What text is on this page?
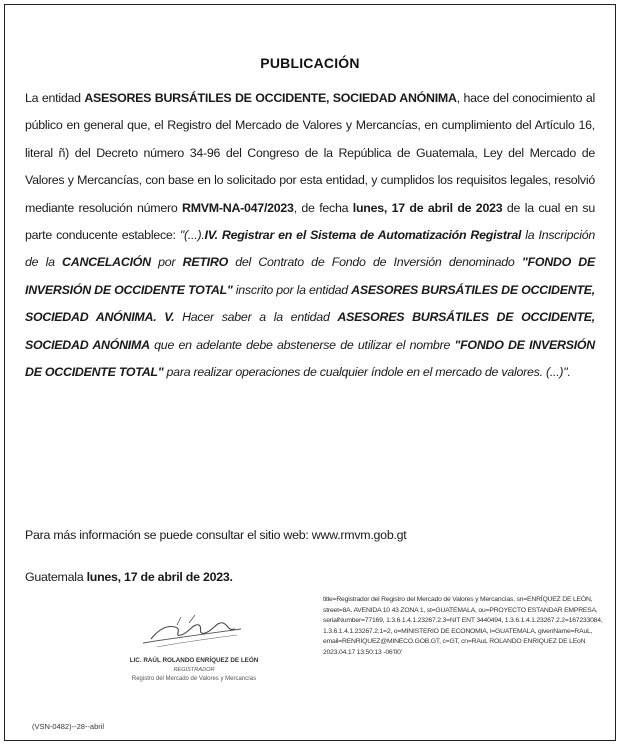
PUBLICACIÓN
La entidad ASESORES BURSÁTILES DE OCCIDENTE, SOCIEDAD ANÓNIMA, hace del conocimiento al público en general que, el Registro del Mercado de Valores y Mercancías, en cumplimiento del Artículo 16, literal ñ) del Decreto número 34-96 del Congreso de la República de Guatemala, Ley del Mercado de Valores y Mercancías, con base en lo solicitado por esta entidad, y cumplidos los requisitos legales, resolvió mediante resolución número RMVM-NA-047/2023, de fecha lunes, 17 de abril de 2023 de la cual en su parte conducente establece: "(...).IV. Registrar en el Sistema de Automatización Registral la Inscripción de la CANCELACIÓN por RETIRO del Contrato de Fondo de Inversión denominado "FONDO DE INVERSIÓN DE OCCIDENTE TOTAL" inscrito por la entidad ASESORES BURSÁTILES DE OCCIDENTE, SOCIEDAD ANÓNIMA. V. Hacer saber a la entidad ASESORES BURSÁTILES DE OCCIDENTE, SOCIEDAD ANÓNIMA que en adelante debe abstenerse de utilizar el nombre "FONDO DE INVERSIÓN DE OCCIDENTE TOTAL" para realizar operaciones de cualquier índole en el mercado de valores. (...)".
Para más información se puede consultar el sitio web: www.rmvm.gob.gt
Guatemala lunes, 17 de abril de 2023.
LIC. RAÚL ROLANDO ENRÍQUEZ DE LEÓN
REGISTRADOR
Registro del Mercado de Valores y Mercancías
title=Registrador del Registro del Mercado de Valores y Mercancías, sn=ENRÍQUEZ DE LEÓN, street=8A. AVENIDA 10 43 ZONA 1, st=GUATEMALA, ou=PROYECTO ESTANDAR EMPRESA, serialNumber=77169, 1.3.6.1.4.1.23267.2.3=NIT ENT 3440494, 1.3.6.1.4.1.23267.2.2=167233084, 1.3.6.1.4.1.23267.2.1=2, o=MINISTERIO DE ECONOMIA, l=GUATEMALA, givenName=RAuL, email=RENRIQUEZ@MINECO.GOB.GT, c=GT, cn=RAuL ROLANDO ENRIQUEZ DE LEoN 2023.04.17 13:50:13 -06'00'
(VSN-0482)--28--abril
